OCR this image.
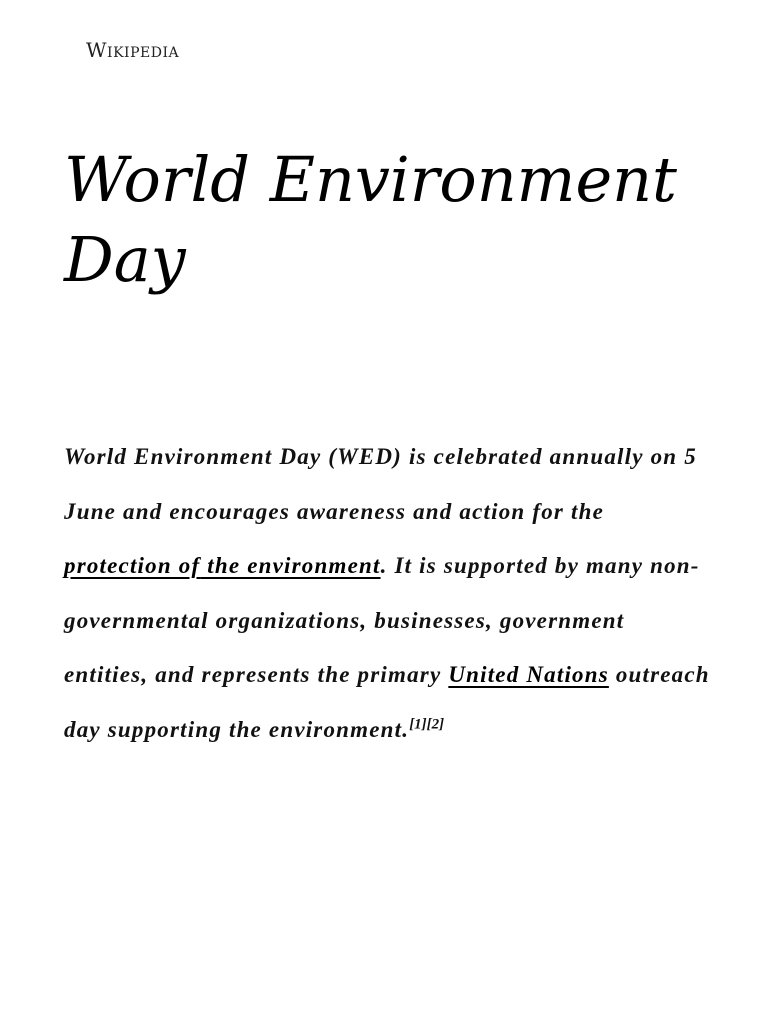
Wikipedia
World Environment Day

World Environment Day (WED) is celebrated annually on 5 June and encourages awareness and action for the protection of the environment. It is supported by many non-governmental organizations, businesses, government entities, and represents the primary United Nations outreach day supporting the environment.[1][2]
